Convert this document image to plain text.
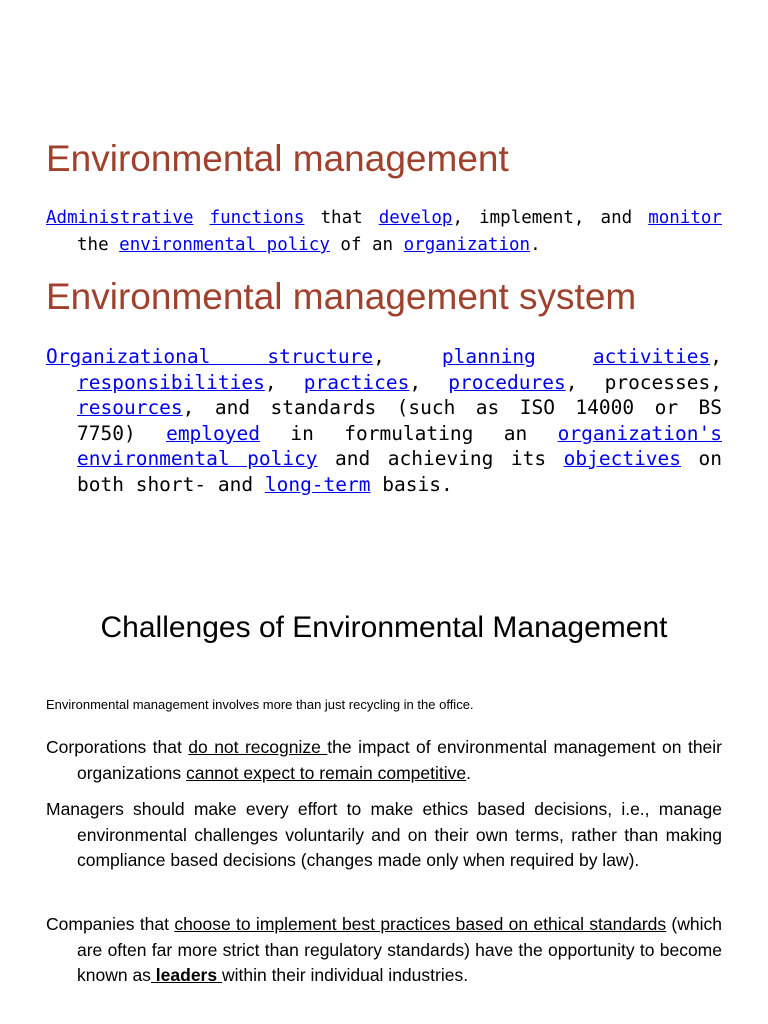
Environmental management

Administrative functions that develop, implement, and monitor the environmental policy of an organization.

Environmental management system

Organizational structure, planning	activities, responsibilities, practices, procedures, processes, resources, and standards (such as ISO 14000 or BS 7750) employed in formulating an organization's environmental policy and achieving its objectives on both short- and long-term basis.

Challenges of Environmental Management

Environmental management involves more than just recycling in the office.

Corporations that do not recognize the impact of environmental management on their organizations cannot expect to remain competitive.

Managers should make every effort to make ethics based decisions, i.e., manage environmental challenges voluntarily and on their own terms, rather than making compliance based decisions (changes made only when required by law).

Companies that choose to implement best practices based on ethical standards (which are often far more strict than regulatory standards) have the opportunity to become known as leaders within their individual industries.
